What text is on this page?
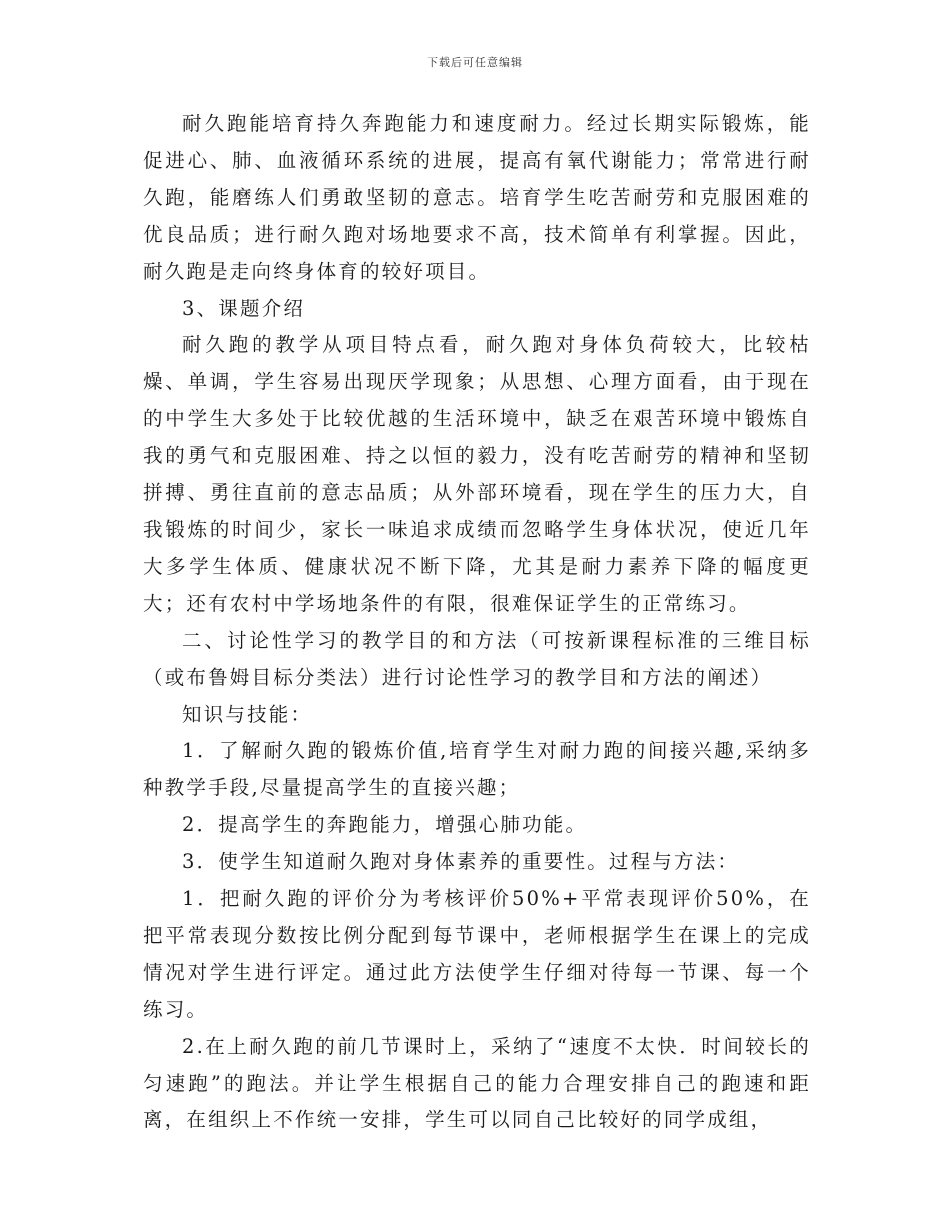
下载后可任意编辑

耐久跑能培育持久奔跑能力和速度耐力。经过长期实际锻炼，能促进心、肺、血液循环系统的进展，提高有氧代谢能力；常常进行耐久跑，能磨练人们勇敢坚韧的意志。培育学生吃苦耐劳和克服困难的优良品质；进行耐久跑对场地要求不高，技术简单有利掌握。因此，耐久跑是走向终身体育的较好项目。

3、课题介绍

耐久跑的教学从项目特点看，耐久跑对身体负荷较大，比较枯燥、单调，学生容易出现厌学现象；从思想、心理方面看，由于现在的中学生大多处于比较优越的生活环境中，缺乏在艰苦环境中锻炼自我的勇气和克服困难、持之以恒的毅力，没有吃苦耐劳的精神和坚韧拼搏、勇往直前的意志品质；从外部环境看，现在学生的压力大，自我锻炼的时间少，家长一味追求成绩而忽略学生身体状况，使近几年大多学生体质、健康状况不断下降，尤其是耐力素养下降的幅度更大；还有农村中学场地条件的有限，很难保证学生的正常练习。

二、讨论性学习的教学目的和方法（可按新课程标准的三维目标（或布鲁姆目标分类法）进行讨论性学习的教学目和方法的阐述）

知识与技能：

1．了解耐久跑的锻炼价值,培育学生对耐力跑的间接兴趣,采纳多种教学手段,尽量提高学生的直接兴趣；

2．提高学生的奔跑能力，增强心肺功能。

3．使学生知道耐久跑对身体素养的重要性。过程与方法：

1．把耐久跑的评价分为考核评价50%+平常表现评价50%，在把平常表现分数按比例分配到每节课中，老师根据学生在课上的完成情况对学生进行评定。通过此方法使学生仔细对待每一节课、每一个练习。

2.在上耐久跑的前几节课时上，采纳了“速度不太快．时间较长的匀速跑”的跑法。并让学生根据自己的能力合理安排自己的跑速和距离，在组织上不作统一安排，学生可以同自己比较好的同学成组，
